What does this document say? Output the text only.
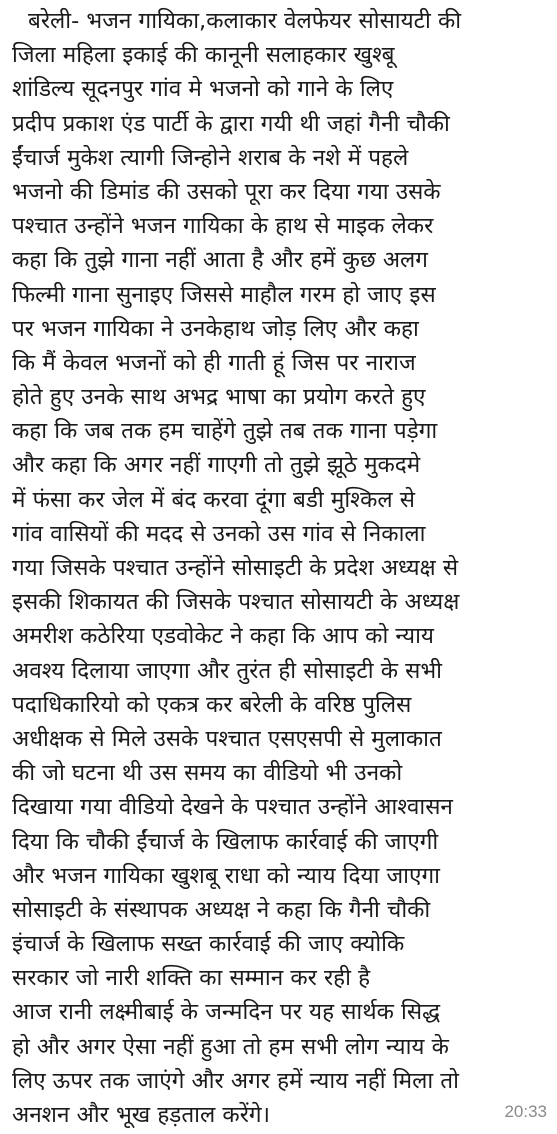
बरेली- भजन गायिका,कलाकार वेलफेयर सोसायटी की
जिला महिला इकाई की कानूनी सलाहकार खुश्बू
शांडिल्य सूदनपुर गांव मे भजनो को गाने के लिए
प्रदीप प्रकाश एंड पार्टी के द्वारा गयी थी जहां गैनी चौकी
ईंचार्ज मुकेश त्यागी जिन्होने शराब के नशे में पहले
भजनो की डिमांड की उसको पूरा कर दिया गया उसके
पश्चात उन्होंने भजन गायिका के हाथ से माइक लेकर
कहा कि तुझे गाना नहीं आता है और हमें कुछ अलग
फिल्मी गाना सुनाइए जिससे माहौल गरम हो जाए इस
पर भजन गायिका ने उनकेहाथ जोड़ लिए और कहा
कि मैं केवल भजनों को ही गाती हूं जिस पर नाराज
होते हुए उनके साथ अभद्र भाषा का प्रयोग करते हुए
कहा कि जब तक हम चाहेंगे तुझे तब तक गाना पड़ेगा
और कहा कि अगर नहीं गाएगी तो तुझे झूठे मुकदमे
में फंसा कर जेल में बंद करवा दूंगा बडी मुश्किल से
गांव वासियों की मदद से उनको उस गांव से निकाला
गया जिसके पश्चात उन्होंने सोसाइटी के प्रदेश अध्यक्ष से
इसकी शिकायत की जिसके पश्चात सोसायटी के अध्यक्ष
अमरीश कठेरिया एडवोकेट ने कहा कि आप को न्याय
अवश्य दिलाया जाएगा और तुरंत ही सोसाइटी के सभी
पदाधिकारियो को एकत्र कर बरेली के वरिष्ठ पुलिस
अधीक्षक से मिले उसके पश्चात एसएसपी से मुलाकात
की जो घटना थी उस समय का वीडियो भी उनको
दिखाया गया वीडियो देखने के पश्चात उन्होंने आश्वासन
दिया कि चौकी ईंचार्ज के खिलाफ कार्रवाई की जाएगी
और भजन गायिका खुशबू राधा को न्याय दिया जाएगा
सोसाइटी के संस्थापक अध्यक्ष ने कहा कि गैनी चौकी
इंचार्ज के खिलाफ सख्त कार्रवाई की जाए क्योकि
सरकार जो नारी शक्ति का सम्मान कर रही है
आज रानी लक्ष्मीबाई के जन्मदिन पर यह सार्थक सिद्ध
हो और अगर ऐसा नहीं हुआ तो हम सभी लोग न्याय के
लिए ऊपर तक जाएंगे और अगर हमें न्याय नहीं मिला तो
अनशन और भूख हड़ताल करेंगे।	20:33
